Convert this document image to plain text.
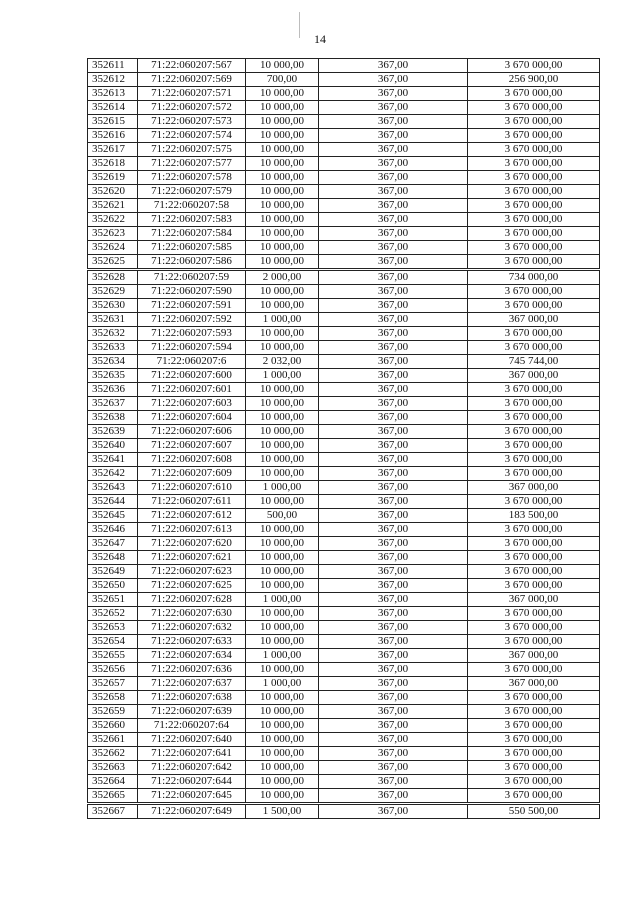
14
352611	71:22:060207:567	10 000,00	367,00	3 670 000,00
352612	71:22:060207:569	700,00	367,00	256 900,00
352613	71:22:060207:571	10 000,00	367,00	3 670 000,00
352614	71:22:060207:572	10 000,00	367,00	3 670 000,00
352615	71:22:060207:573	10 000,00	367,00	3 670 000,00
352616	71:22:060207:574	10 000,00	367,00	3 670 000,00
352617	71:22:060207:575	10 000,00	367,00	3 670 000,00
352618	71:22:060207:577	10 000,00	367,00	3 670 000,00
352619	71:22:060207:578	10 000,00	367,00	3 670 000,00
352620	71:22:060207:579	10 000,00	367,00	3 670 000,00
352621	71:22:060207:58	10 000,00	367,00	3 670 000,00
352622	71:22:060207:583	10 000,00	367,00	3 670 000,00
352623	71:22:060207:584	10 000,00	367,00	3 670 000,00
352624	71:22:060207:585	10 000,00	367,00	3 670 000,00
352625	71:22:060207:586	10 000,00	367,00	3 670 000,00
352628	71:22:060207:59	2 000,00	367,00	734 000,00
352629	71:22:060207:590	10 000,00	367,00	3 670 000,00
352630	71:22:060207:591	10 000,00	367,00	3 670 000,00
352631	71:22:060207:592	1 000,00	367,00	367 000,00
352632	71:22:060207:593	10 000,00	367,00	3 670 000,00
352633	71:22:060207:594	10 000,00	367,00	3 670 000,00
352634	71:22:060207:6	2 032,00	367,00	745 744,00
352635	71:22:060207:600	1 000,00	367,00	367 000,00
352636	71:22:060207:601	10 000,00	367,00	3 670 000,00
352637	71:22:060207:603	10 000,00	367,00	3 670 000,00
352638	71:22:060207:604	10 000,00	367,00	3 670 000,00
352639	71:22:060207:606	10 000,00	367,00	3 670 000,00
352640	71:22:060207:607	10 000,00	367,00	3 670 000,00
352641	71:22:060207:608	10 000,00	367,00	3 670 000,00
352642	71:22:060207:609	10 000,00	367,00	3 670 000,00
352643	71:22:060207:610	1 000,00	367,00	367 000,00
352644	71:22:060207:611	10 000,00	367,00	3 670 000,00
352645	71:22:060207:612	500,00	367,00	183 500,00
352646	71:22:060207:613	10 000,00	367,00	3 670 000,00
352647	71:22:060207:620	10 000,00	367,00	3 670 000,00
352648	71:22:060207:621	10 000,00	367,00	3 670 000,00
352649	71:22:060207:623	10 000,00	367,00	3 670 000,00
352650	71:22:060207:625	10 000,00	367,00	3 670 000,00
352651	71:22:060207:628	1 000,00	367,00	367 000,00
352652	71:22:060207:630	10 000,00	367,00	3 670 000,00
352653	71:22:060207:632	10 000,00	367,00	3 670 000,00
352654	71:22:060207:633	10 000,00	367,00	3 670 000,00
352655	71:22:060207:634	1 000,00	367,00	367 000,00
352656	71:22:060207:636	10 000,00	367,00	3 670 000,00
352657	71:22:060207:637	1 000,00	367,00	367 000,00
352658	71:22:060207:638	10 000,00	367,00	3 670 000,00
352659	71:22:060207:639	10 000,00	367,00	3 670 000,00
352660	71:22:060207:64	10 000,00	367,00	3 670 000,00
352661	71:22:060207:640	10 000,00	367,00	3 670 000,00
352662	71:22:060207:641	10 000,00	367,00	3 670 000,00
352663	71:22:060207:642	10 000,00	367,00	3 670 000,00
352664	71:22:060207:644	10 000,00	367,00	3 670 000,00
352665	71:22:060207:645	10 000,00	367,00	3 670 000,00
352667	71:22:060207:649	1 500,00	367,00	550 500,00
